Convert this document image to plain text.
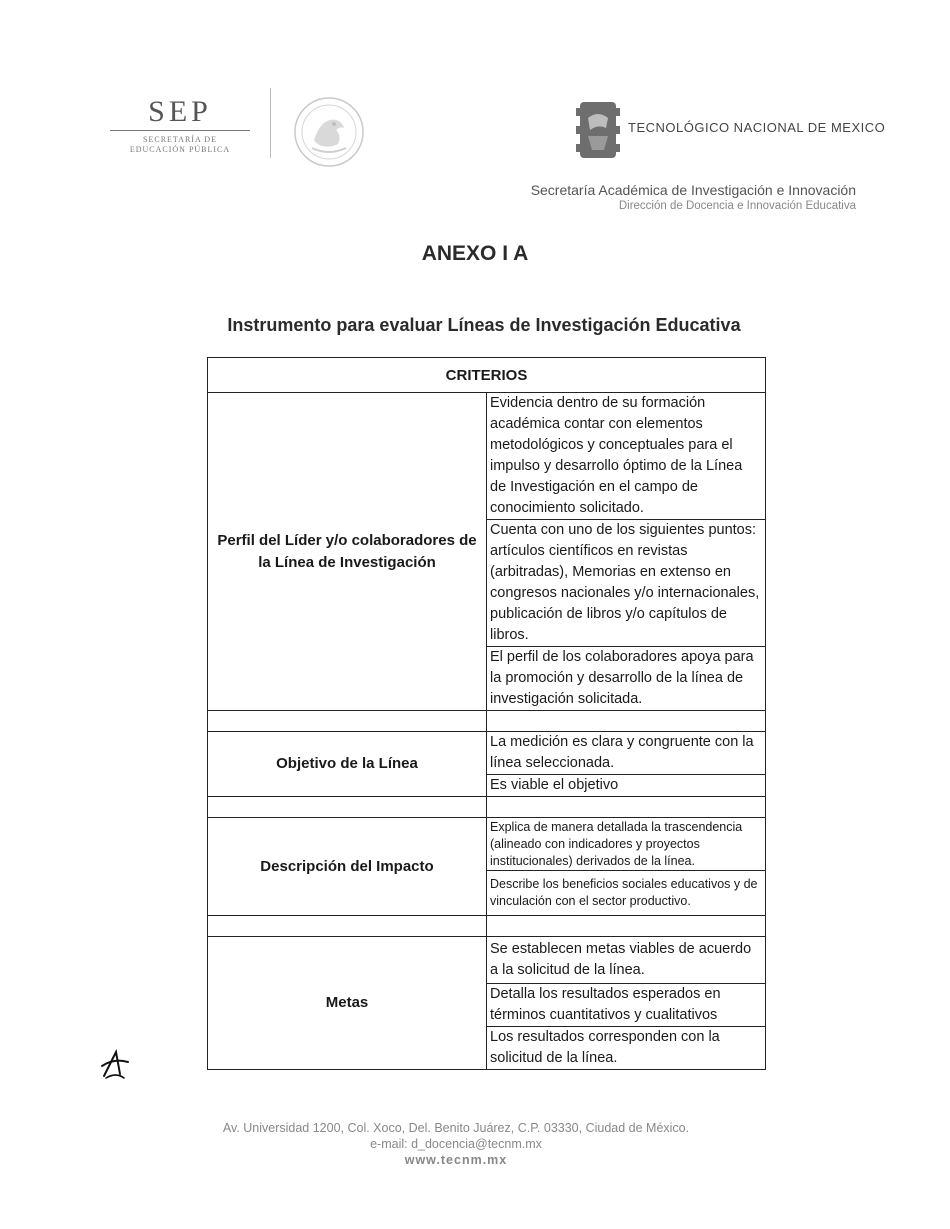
SEP
SECRETARÍA DE
EDUCACIÓN PÚBLICA
TECNOLÓGICO NACIONAL DE MEXICO
Secretaría Académica de Investigación e Innovación
Dirección de Docencia e Innovación Educativa
ANEXO I A
Instrumento para evaluar Líneas de Investigación Educativa
CRITERIOS	
Perfil del Líder y/o colaboradores de la Línea de Investigación	Evidencia dentro de su formación académica contar con elementos metodológicos y conceptuales para el impulso y desarrollo óptimo de la Línea de Investigación en el campo de conocimiento solicitado.
	Cuenta con uno de los siguientes puntos: artículos científicos en revistas (arbitradas), Memorias en extenso en congresos nacionales y/o internacionales, publicación de libros y/o capítulos de libros.
	El perfil de los colaboradores apoya para la promoción y desarrollo de la línea de investigación solicitada.

Objetivo de la Línea	La medición es clara y congruente con la línea seleccionada.
	Es viable el objetivo

Descripción del Impacto	Explica de manera detallada la trascendencia (alineado con indicadores y proyectos institucionales) derivados de la línea.
	Describe los beneficios sociales educativos y de vinculación con el sector productivo.

Metas	Se establecen metas viables de acuerdo a la solicitud de la línea.
	Detalla los resultados esperados en términos cuantitativos y cualitativos
	Los resultados corresponden con la solicitud de la línea.
Av. Universidad 1200, Col. Xoco, Del. Benito Juárez, C.P. 03330, Ciudad de México.
e-mail: d_docencia@tecnm.mx
www.tecnm.mx
